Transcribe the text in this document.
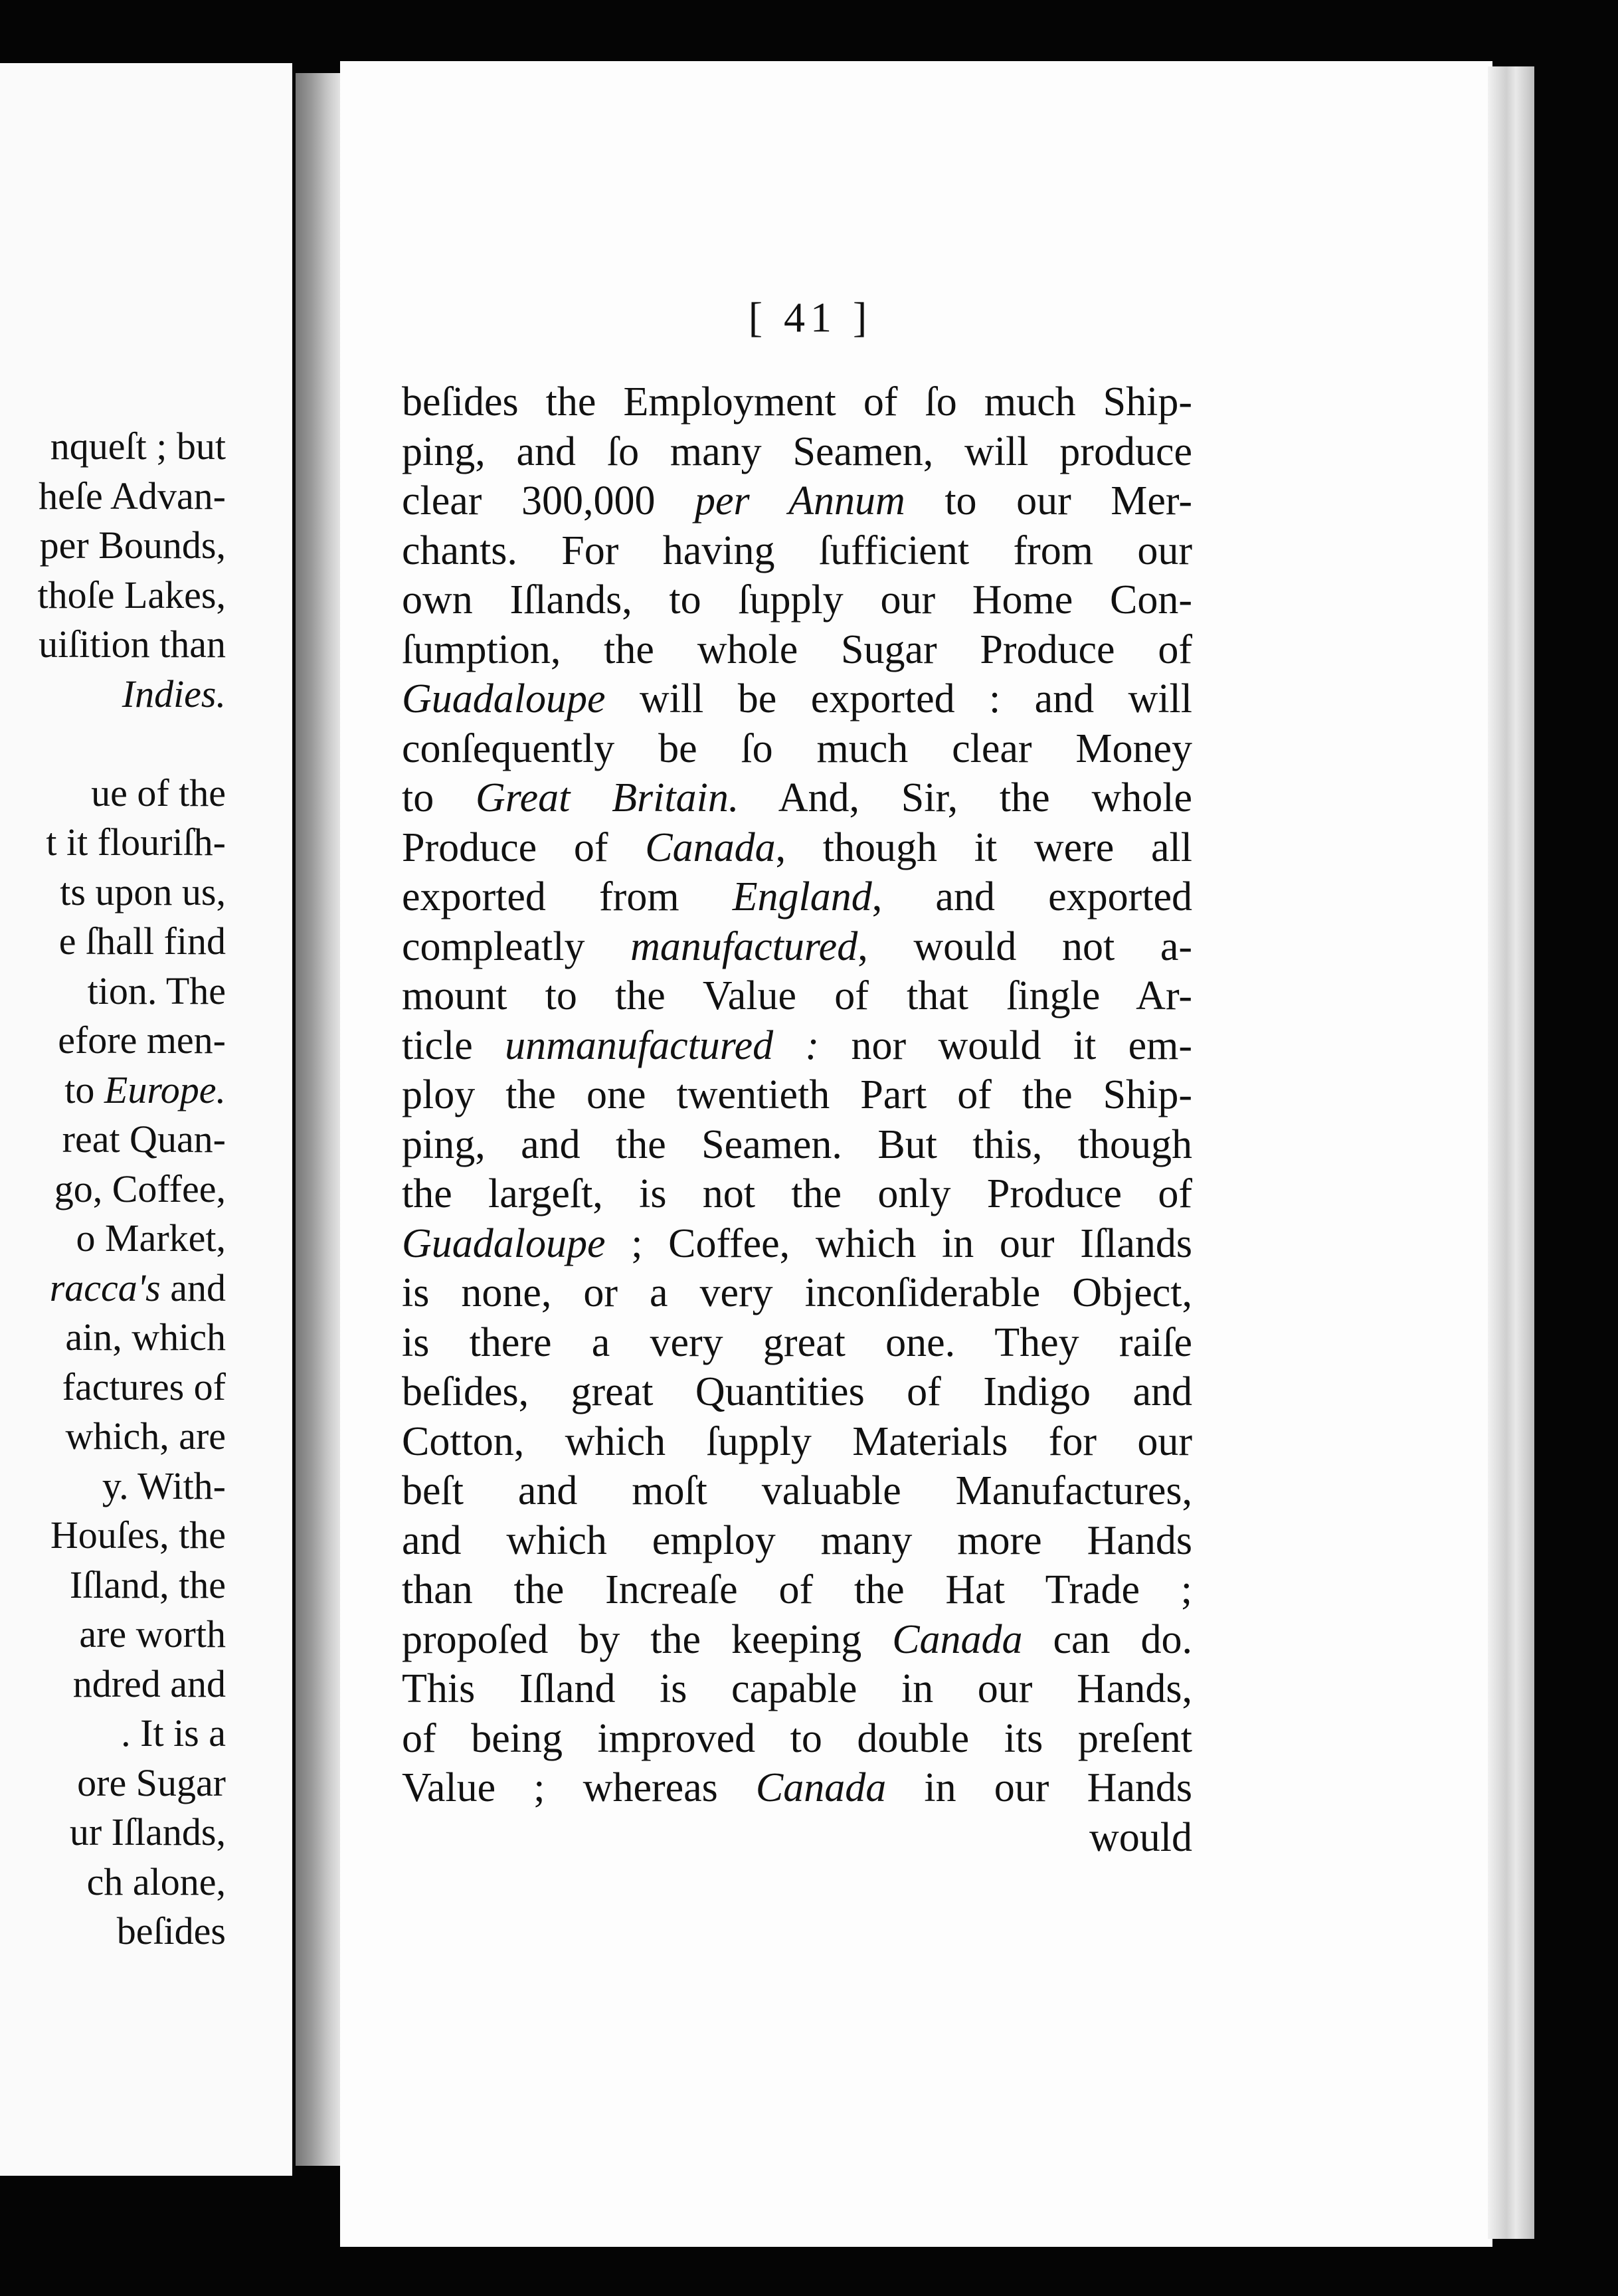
nqueſt ; but
heſe Advan-
per Bounds,
thoſe Lakes,
uiſition than
Indies.

ue of the
t it flouriſh-
ts upon us,
e ſhall find
tion. The
efore men-
to Europe.
reat Quan-
go, Coffee,
o Market,
racca's and
ain, which
factures of
which, are
y. With-
Houſes, the
Iſland, the
are worth
ndred and
. It is a
ore Sugar
ur Iſlands,
ch alone,
beſides
[ 41 ]
beſides the Employment of ſo much Ship-
ping, and ſo many Seamen, will produce
clear 300,000 per Annum to our Mer-
chants. For having ſufficient from our
own Iſlands, to ſupply our Home Con-
ſumption, the whole Sugar Produce of
Guadaloupe will be exported : and will
conſequently be ſo much clear Money
to Great Britain. And, Sir, the whole
Produce of Canada, though it were all
exported from England, and exported
compleatly manufactured, would not a-
mount to the Value of that ſingle Ar-
ticle unmanufactured : nor would it em-
ploy the one twentieth Part of the Ship-
ping, and the Seamen. But this, though
the largeſt, is not the only Produce of
Guadaloupe ; Coffee, which in our Iſlands
is none, or a very inconſiderable Object,
is there a very great one. They raiſe
beſides, great Quantities of Indigo and
Cotton, which ſupply Materials for our
beſt and moſt valuable Manufactures,
and which employ many more Hands
than the Increaſe of the Hat Trade ;
propoſed by the keeping Canada can do.
This Iſland is capable in our Hands,
of being improved to double its preſent
Value ; whereas Canada in our Hands
would
